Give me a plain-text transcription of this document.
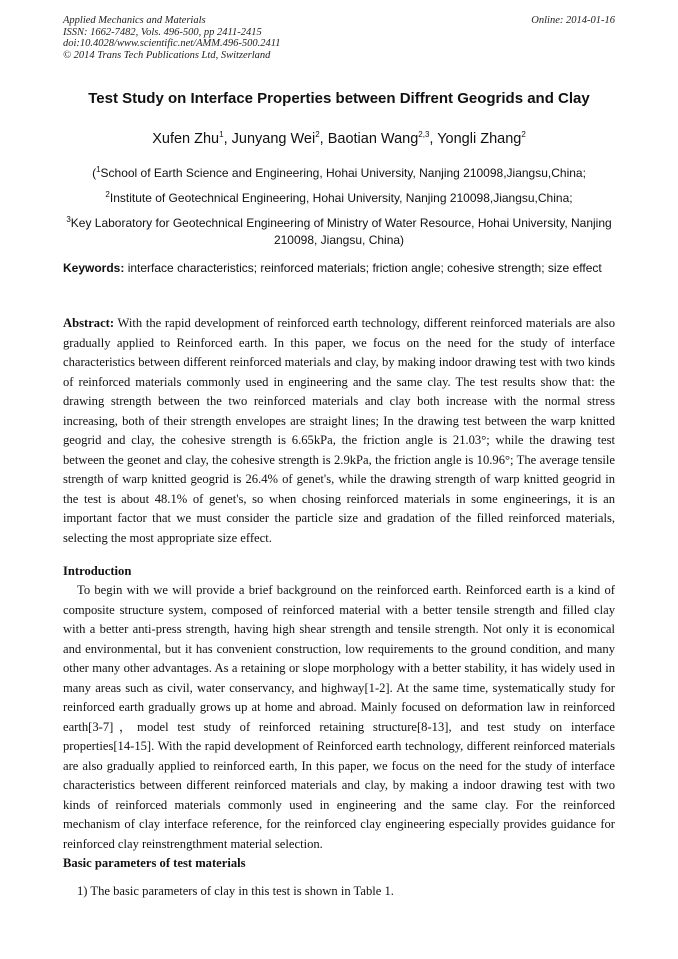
Applied Mechanics and Materials
ISSN: 1662-7482, Vols. 496-500, pp 2411-2415
doi:10.4028/www.scientific.net/AMM.496-500.2411
© 2014 Trans Tech Publications Ltd, Switzerland
Online: 2014-01-16
Test Study on Interface Properties between Diffrent Geogrids and Clay
Xufen Zhu$^1$, Junyang Wei$^2$, Baotian Wang$^{2,3}$, Yongli Zhang$^2$
($^1$School of Earth Science and Engineering, Hohai University, Nanjing 210098,Jiangsu,China;
$^2$Institute of Geotechnical Engineering, Hohai University, Nanjing 210098,Jiangsu,China;
$^3$Key Laboratory for Geotechnical Engineering of Ministry of Water Resource, Hohai University, Nanjing 210098, Jiangsu, China)
Keywords: interface characteristics; reinforced materials; friction angle; cohesive strength; size effect
Abstract: With the rapid development of reinforced earth technology, different reinforced materials are also gradually applied to Reinforced earth. In this paper, we focus on the need for the study of interface characteristics between different reinforced materials and clay, by making indoor drawing test with two kinds of reinforced materials commonly used in engineering and the same clay. The test results show that: the drawing strength between the two reinforced materials and clay both increase with the normal stress increasing, both of their strength envelopes are straight lines; In the drawing test between the warp knitted geogrid and clay, the cohesive strength is 6.65kPa, the friction angle is 21.03°; while the drawing test between the geonet and clay, the cohesive strength is 2.9kPa, the friction angle is 10.96°; The average tensile strength of warp knitted geogrid is 26.4% of genet's, while the drawing strength of warp knitted geogrid in the test is about 48.1% of genet's, so when chosing reinforced materials in some engineerings, it is an important factor that we must consider the particle size and gradation of the filled reinforced materials, selecting the most appropriate size effect.
Introduction
To begin with we will provide a brief background on the reinforced earth. Reinforced earth is a kind of composite structure system, composed of reinforced material with a better tensile strength and filled clay with a better anti-press strength, having high shear strength and tensile strength. Not only it is economical and environmental, but it has convenient construction, low requirements to the ground condition, and many other many other advantages. As a retaining or slope morphology with a better stability, it has widely used in many areas such as civil, water conservancy, and highway[1-2]. At the same time, systematically study for reinforced earth gradually grows up at home and abroad. Mainly focused on deformation law in reinforced earth[3-7]，model test study of reinforced retaining structure[8-13], and test study on interface properties[14-15]. With the rapid development of Reinforced earth technology, different reinforced materials are also gradually applied to reinforced earth, In this paper, we focus on the need for the study of interface characteristics between different reinforced materials and clay, by making a indoor drawing test with two kinds of reinforced materials commonly used in engineering and the same clay. For the reinforced mechanism of clay interface reference, for the reinforced clay engineering especially provides guidance for reinforced clay reinstrengthment material selection.
Basic parameters of test materials
1) The basic parameters of clay in this test is shown in Table 1.
